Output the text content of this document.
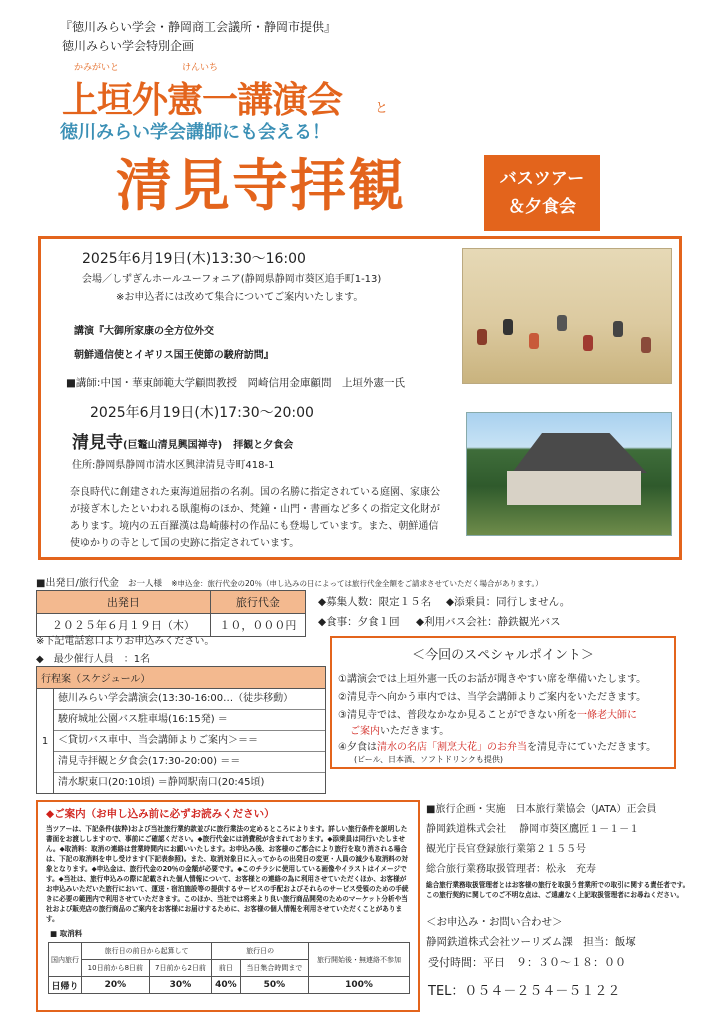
『徳川みらい学会・静岡商工会議所・静岡市提供』
徳川みらい学会特別企画
かみがいと	けんいち
上垣外憲一講演会	と
徳川みらい学会講師にも会える！
清見寺拝観	バスツアー
＆夕食会
2025年6月19日(木)13:30～16:00
会場／しずぎんホールユーフォニア(静岡県静岡市葵区追手町1-13)
※お申込者には改めて集合についてご案内いたします。
講演『大御所家康の全方位外交
朝鮮通信使とイギリス国王使節の駿府訪問』
■講師:中国・華東師範大学顧問教授　岡崎信用金庫顧問　上垣外憲一氏
2025年6月19日(木)17:30～20:00
清見寺(巨鼇山清見興国禅寺) 拝観と夕食会
住所:静岡県静岡市清水区興津清見寺町418-1
奈良時代に創建された東海道屈指の名刹。国の名勝に指定されている庭園、家康公が接ぎ木したといわれる臥龍梅のほか、梵鐘・山門・書画など多くの指定文化財があります。境内の五百羅漢は島崎藤村の作品にも登場しています。また、朝鮮通信使ゆかりの寺として国の史跡に指定されています。
■出発日/旅行代金 お一人様 ※申込金：旅行代金の20％（申し込みの日によっては旅行代金全額をご請求させていただく場合があります。）
出発日	旅行代金
２０２５年６月１９日（木）	１０，０００円
◆募集人数：限定１５名 ◆添乗員：同行しません。
◆食事：夕食１回 ◆利用バス会社：静鉄観光バス
※下記電話窓口よりお申込みください。
◆　最少催行人員　：1名
行程案（スケジュール）
1	
徳川みらい学会講演会(13:30-16:00…（徒歩移動）
駿府城址公園バス駐車場(16:15発) ＝
＜貸切バス車中、当会講師よりご案内＞＝＝
清見寺拝観と夕食会(17:30-20:00) ＝＝
清水駅東口(20:10頃) ＝静岡駅南口(20:45頃)
＜今回のスペシャルポイント＞
①講演会では上垣外憲一氏のお話が聞きやすい席を準備いたします。
②清見寺へ向かう車内では、当学会講師よりご案内をいただきます。
③清見寺では、普段なかなか見ることができない所を一條老大師に
ご案内いただきます。
④夕食は清水の名店「割烹大花」のお弁当を清見寺にていただきます。
(ビール、日本酒、ソフトドリンクも提供)
◆ご案内（お申し込み前に必ずお読みください）
当ツアーは、下記条件(抜粋)および当社旅行業約款並びに旅行業法の定めるところによります。詳しい旅行条件を説明した書面をお渡ししますので、事前にご確認ください。◆旅行代金には消費税が含まれております。◆添乗員は同行いたしません。◆取消料：取消の連絡は営業時間内にお願いいたします。お申込み後、お客様のご都合により旅行を取り消される場合は、下記の取消料を申し受けます(下記表参照)。また、取消対象日に入ってからの出発日の変更・人員の減少も取消料の対象となります。◆申込金は、旅行代金の20％の金額が必要です。◆このチラシに使用している画像やイラストはイメージです。◆当社は、旅行申込みの際に記載された個人情報について、お客様との連絡の為に利用させていただくほか、お客様がお申込みいただいた旅行において、運送・宿泊施設等の提供するサービスの手配およびそれらのサービス受領のための手続きに必要の範囲内で利用させていただきます。このほか、当社では将来より良い旅行商品開発のためのマーケット分析や当社および販売店の旅行商品のご案内をお客様にお届けするために、お客様の個人情報を利用させていただくことがあります。
■ 取消料
国内旅行	旅行日の前日から起算して		旅行日の		旅行開始後・無連絡不参加
	10日前から8日前	7日前から2日前	前日	当日集合時間まで	
日帰り	20%	30%	40%	50%	100%
■旅行企画・実施　日本旅行業協会（JATA）正会員
静岡鉄道株式会社　 静岡市葵区鷹匠１－１－１
観光庁長官登録旅行業第２１５５号
総合旅行業務取扱管理者：松永　充寿
総合旅行業務取扱管理者とはお客様の旅行を取扱う営業所での取引に関する責任者です。この旅行契約に関してのご不明な点は、ご遠慮なく上記取扱管理者にお尋ねください。
＜お申込み・お問い合わせ＞
静岡鉄道株式会社ツーリズム課　担当：飯塚
受付時間：平日　９：３０～１８：００
TEL：０５４－２５４－５１２２
